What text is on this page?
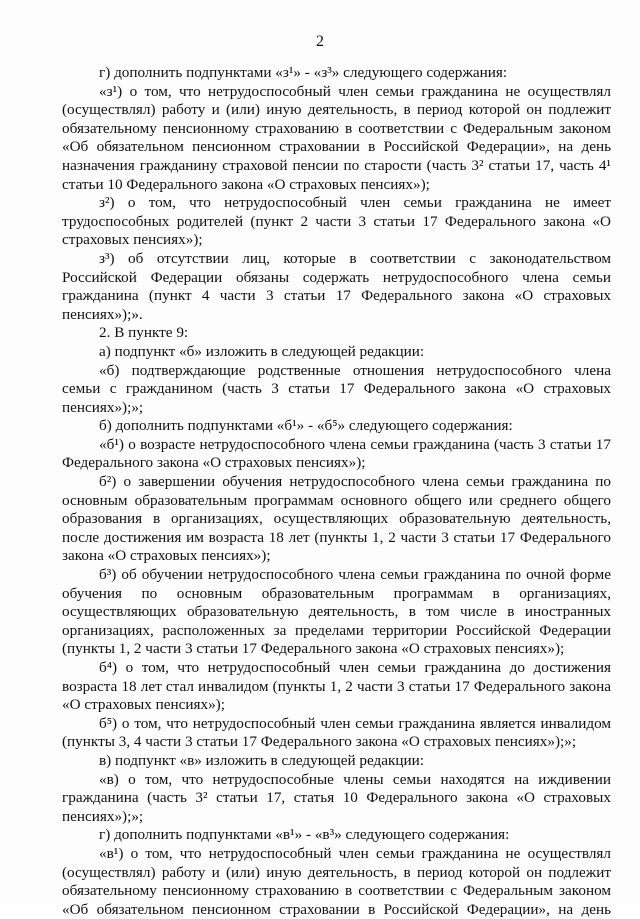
2

г) дополнить подпунктами «з¹» - «з³» следующего содержания:

«з¹) о том, что нетрудоспособный член семьи гражданина не осуществлял (осуществлял) работу и (или) иную деятельность, в период которой он подлежит обязательному пенсионному страхованию в соответствии с Федеральным законом «Об обязательном пенсионном страховании в Российской Федерации», на день назначения гражданину страховой пенсии по старости (часть 3² статьи 17, часть 4¹ статьи 10 Федерального закона «О страховых пенсиях»);

з²) о том, что нетрудоспособный член семьи гражданина не имеет трудоспособных родителей (пункт 2 части 3 статьи 17 Федерального закона «О страховых пенсиях»);

з³) об отсутствии лиц, которые в соответствии с законодательством Российской Федерации обязаны содержать нетрудоспособного члена семьи гражданина (пункт 4 части 3 статьи 17 Федерального закона «О страховых пенсиях»);».

2. В пункте 9:

а) подпункт «б» изложить в следующей редакции:

«б) подтверждающие родственные отношения нетрудоспособного члена семьи с гражданином (часть 3 статьи 17 Федерального закона «О страховых пенсиях»);»;

б) дополнить подпунктами «б¹» - «б⁵» следующего содержания:

«б¹) о возрасте нетрудоспособного члена семьи гражданина (часть 3 статьи 17 Федерального закона «О страховых пенсиях»);

б²) о завершении обучения нетрудоспособного члена семьи гражданина по основным образовательным программам основного общего или среднего общего образования в организациях, осуществляющих образовательную деятельность, после достижения им возраста 18 лет (пункты 1, 2 части 3 статьи 17 Федерального закона «О страховых пенсиях»);

б³) об обучении нетрудоспособного члена семьи гражданина по очной форме обучения по основным образовательным программам в организациях, осуществляющих образовательную деятельность, в том числе в иностранных организациях, расположенных за пределами территории Российской Федерации (пункты 1, 2 части 3 статьи 17 Федерального закона «О страховых пенсиях»);

б⁴) о том, что нетрудоспособный член семьи гражданина до достижения возраста 18 лет стал инвалидом (пункты 1, 2 части 3 статьи 17 Федерального закона «О страховых пенсиях»);

б⁵) о том, что нетрудоспособный член семьи гражданина является инвалидом (пункты 3, 4 части 3 статьи 17 Федерального закона «О страховых пенсиях»);»;

в) подпункт «в» изложить в следующей редакции:

«в) о том, что нетрудоспособные члены семьи находятся на иждивении гражданина (часть 3² статьи 17, статья 10 Федерального закона «О страховых пенсиях»);»;

г) дополнить подпунктами «в¹» - «в³» следующего содержания:

«в¹) о том, что нетрудоспособный член семьи гражданина не осуществлял (осуществлял) работу и (или) иную деятельность, в период которой он подлежит обязательному пенсионному страхованию в соответствии с Федеральным законом «Об обязательном пенсионном страховании в Российской Федерации», на день
